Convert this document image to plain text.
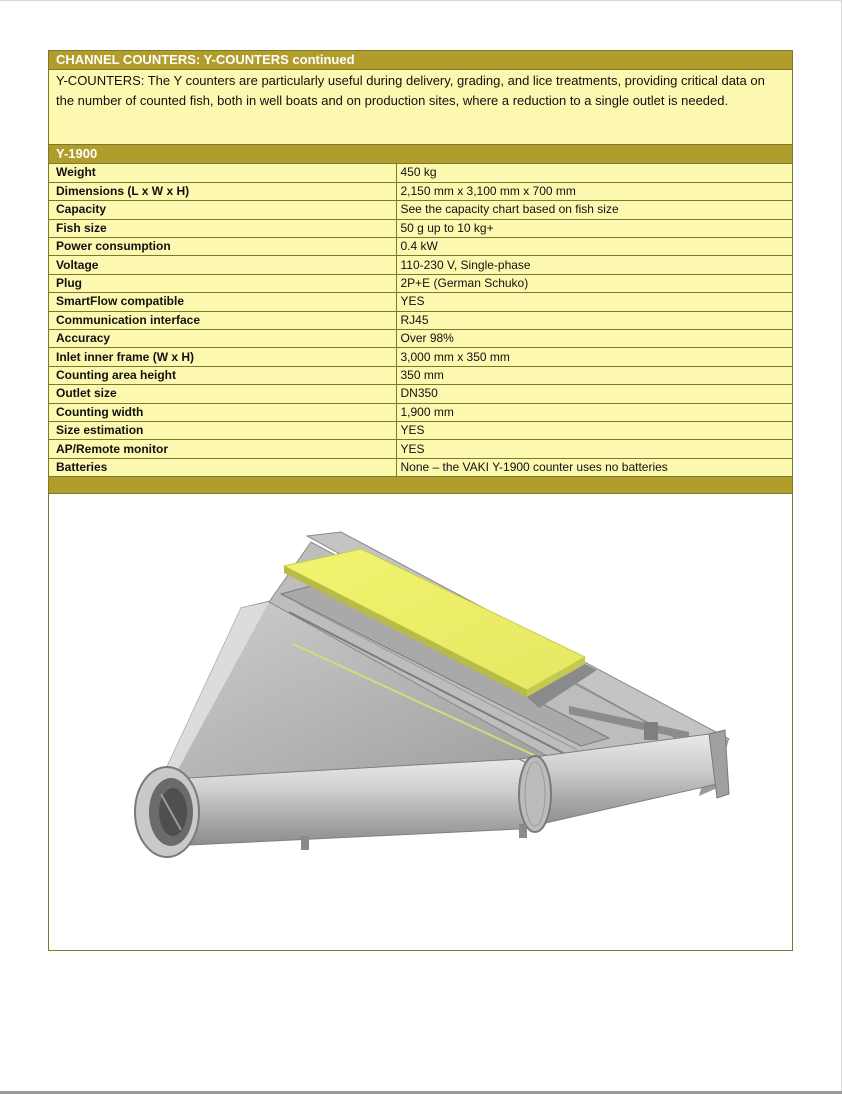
CHANNEL COUNTERS: Y-COUNTERS continued
Y-COUNTERS: The Y counters are particularly useful during delivery, grading, and lice treatments, providing critical data on the number of counted fish, both in well boats and on production sites, where a reduction to a single outlet is needed.
Y-1900
Weight	450 kg
Dimensions (L x W x H)	2,150 mm x 3,100 mm x 700 mm
Capacity	See the capacity chart based on fish size
Fish size	50 g up to 10 kg+
Power consumption	0.4 kW
Voltage	110-230 V, Single-phase
Plug	2P+E (German Schuko)
SmartFlow compatible	YES
Communication interface	RJ45
Accuracy	Over 98%
Inlet inner frame (W x H)	3,000 mm x 350 mm
Counting area height	350 mm
Outlet size	DN350
Counting width	1,900 mm
Size estimation	YES
AP/Remote monitor	YES
Batteries	None – the VAKI Y-1900 counter uses no batteries
